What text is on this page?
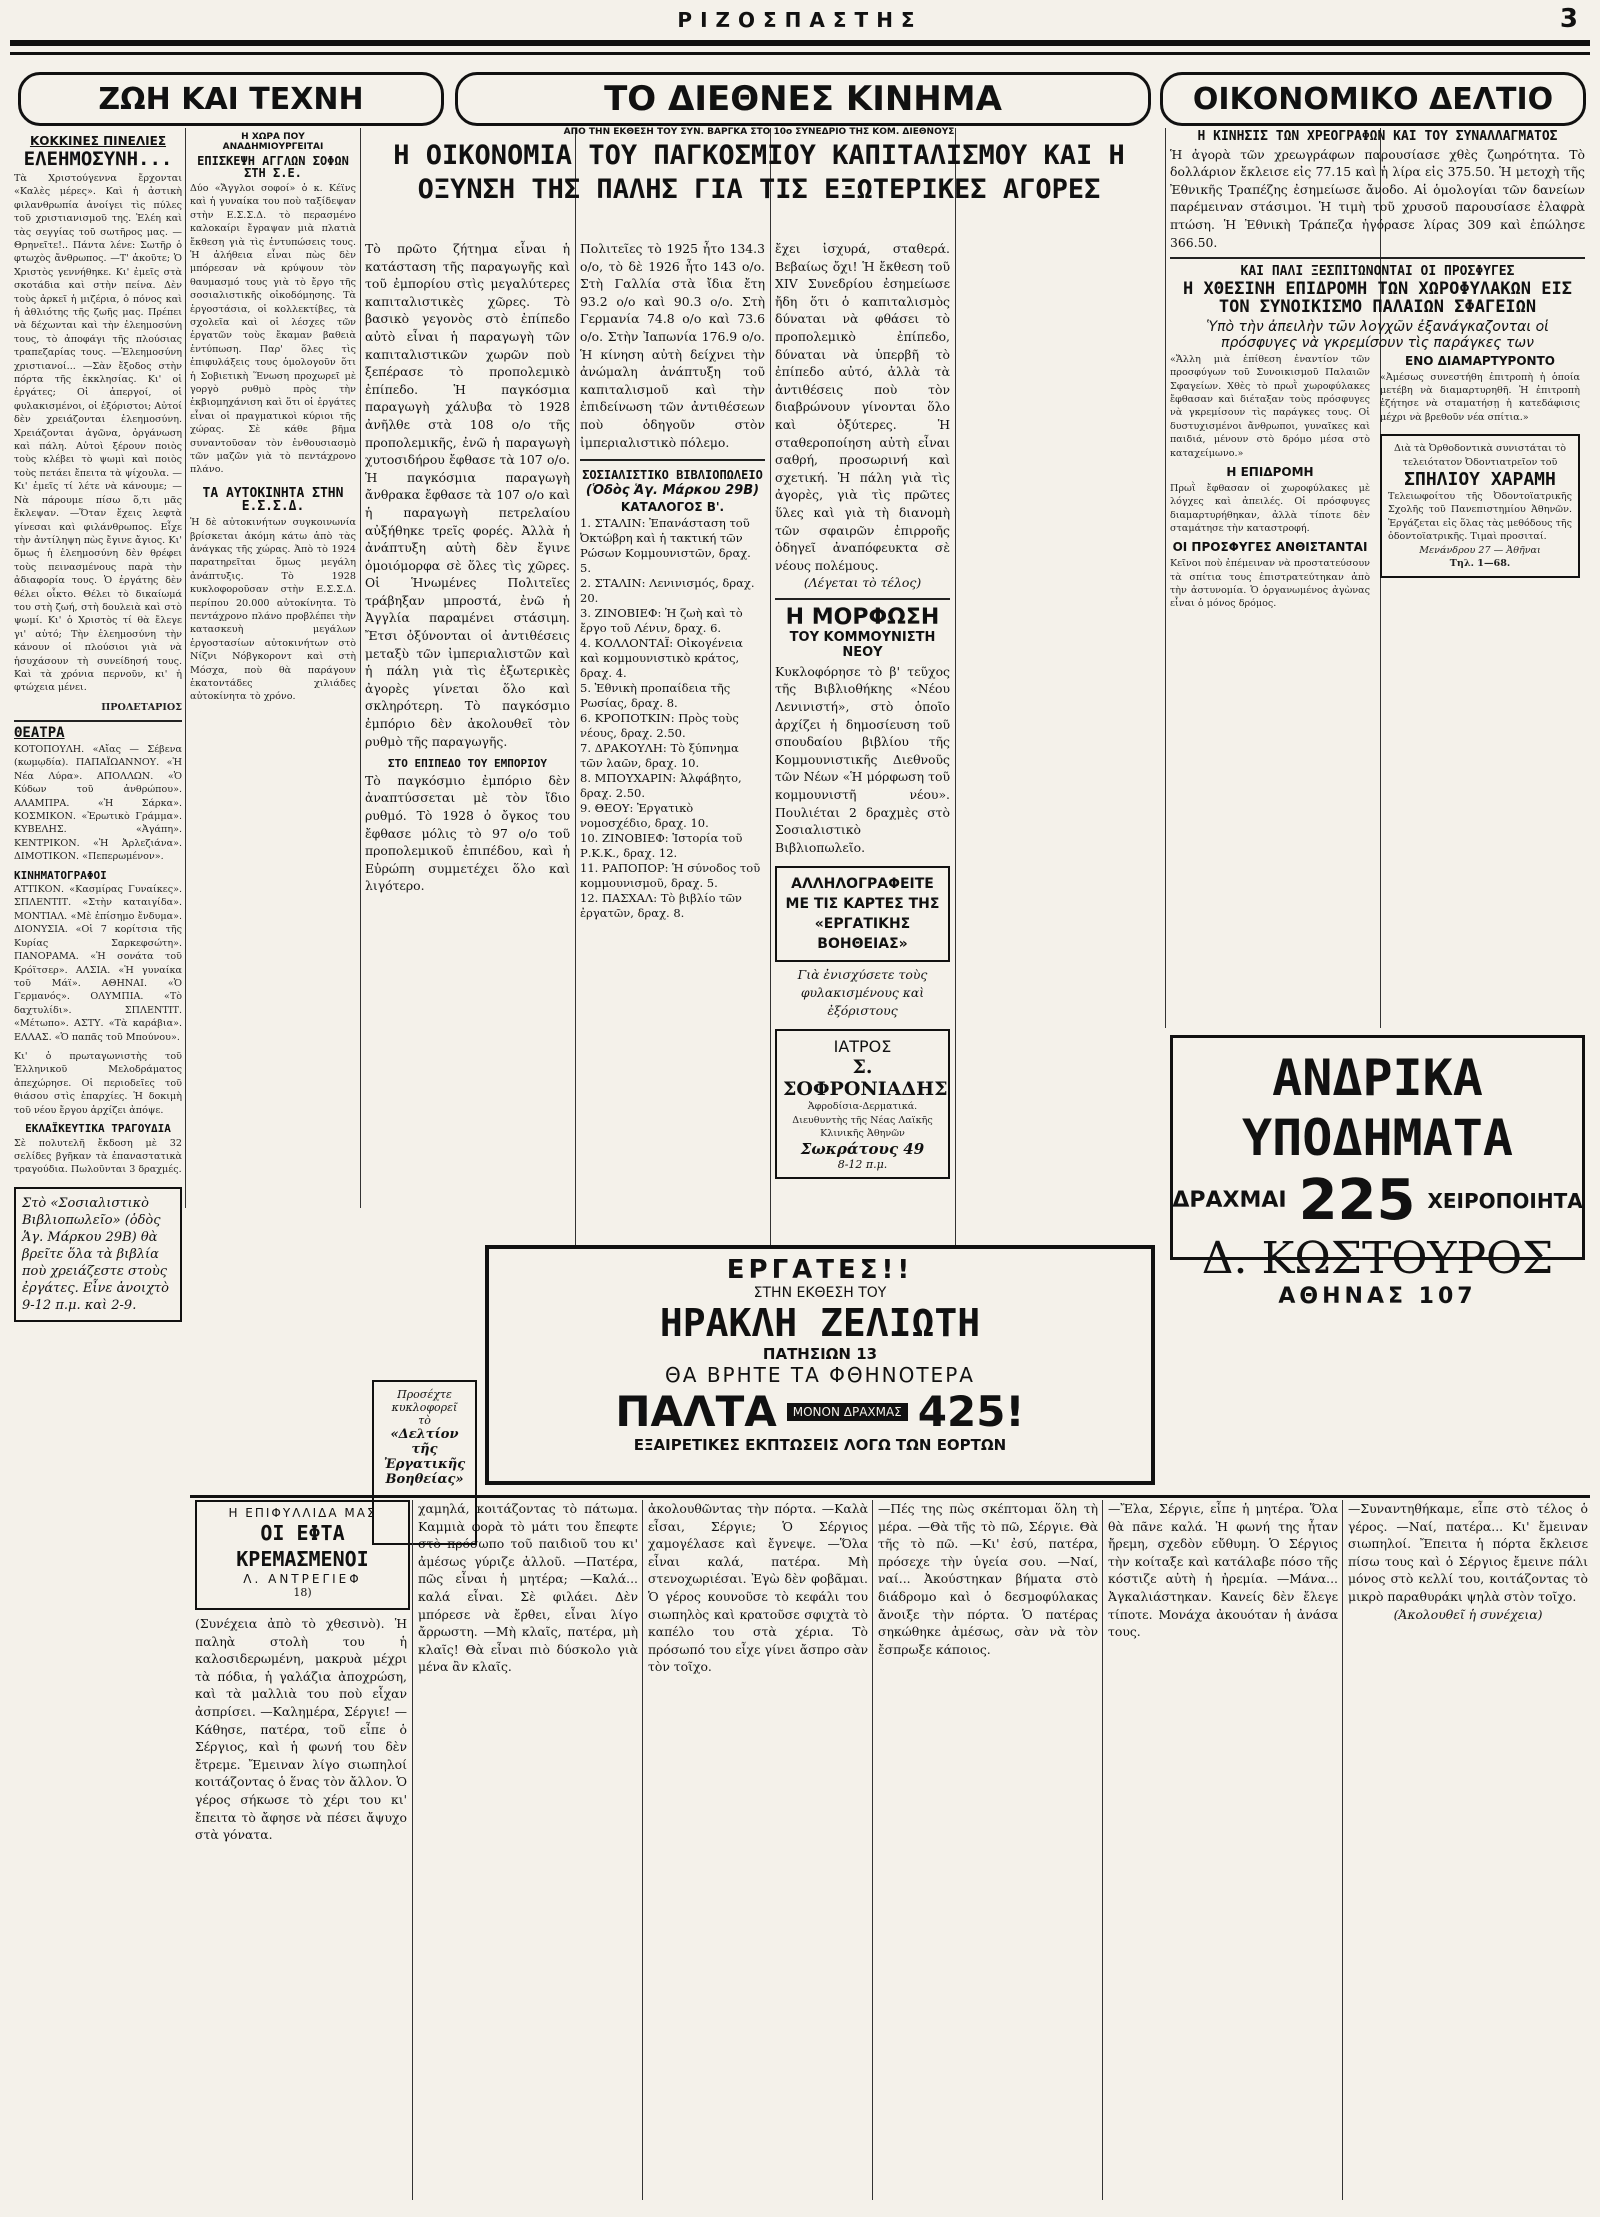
ΡΙΖΟΣΠΑΣΤΗΣ	3
ΖΩΗ ΚΑΙ ΤΕΧΝΗ	ΤΟ ΔΙΕΘΝΕΣ ΚΙΝΗΜΑ	ΟΙΚΟΝΟΜΙΚΟ ΔΕΛΤΙΟ
ΚΟΚΚΙΝΕΣ ΠΙΝΕΛΙΕΣ
ΕΛΕΗΜΟΣΥΝΗ...

Τὰ Χριστούγεννα ἔρχονται «Καλὲς μέρες». Καὶ ἡ ἀστικὴ φιλανθρωπία ἀνοίγει τὶς πύλες τοῦ χριστιανισμοῦ της. Ἐλέη καὶ τὰς σεγγίας τοῦ σωτῆρος μας. —Θρηνεῖτε!.. Πάντα λένε: Σωτῆρ ὁ φτωχὸς ἄνθρωπος. —Τ' ἀκοῦτε; Ὁ Χριστὸς γεννήθηκε. Κι' ἐμεῖς στὰ σκοτάδια καὶ στὴν πείνα. Δὲν τοὺς ἀρκεῖ ἡ μιζέρια, ὁ πόνος καὶ ἡ ἀθλιότης τῆς ζωῆς μας. Πρέπει νὰ δέχωνται καὶ τὴν ἐλεημοσύνη τους, τὸ ἀποφάγι τῆς πλούσιας τραπεζαρίας τους. —Ἐλεημοσύνη χριστιανοί... —Σὰν ἔξοδος στὴν πόρτα τῆς ἐκκλησίας. Κι' οἱ ἐργάτες; Οἱ ἀπεργοί, οἱ φυλακισμένοι, οἱ ἐξόριστοι; Αὐτοί δὲν χρειάζονται ἐλεημοσύνη. Χρειάζονται ἀγῶνα, ὀργάνωση καὶ πάλη. Αὐτοὶ ξέρουν ποιὸς τοὺς κλέβει τὸ ψωμὶ καὶ ποιὸς τοὺς πετάει ἔπειτα τὰ ψίχουλα. —Κι' ἐμεῖς τί λέτε νὰ κάνουμε; —Νὰ πάρουμε πίσω ὅ,τι μᾶς ἔκλεψαν. —Ὅταν ἔχεις λεφτὰ γίνεσαι καὶ φιλάνθρωπος. Εἶχε τὴν ἀντίληψη πὼς ἔγινε ἄγιος. Κι' ὅμως ἡ ἐλεημοσύνη δὲν θρέφει τοὺς πεινασμένους παρὰ τὴν ἀδιαφορία τους. Ὁ ἐργάτης δὲν θέλει οἶκτο. Θέλει τὸ δικαίωμά του στὴ ζωή, στὴ δουλειὰ καὶ στὸ ψωμί. Κι' ὁ Χριστὸς τί θὰ ἔλεγε γι' αὐτό; Τὴν ἐλεημοσύνη τὴν κάνουν οἱ πλούσιοι γιὰ νὰ ἡσυχάσουν τὴ συνείδησή τους. Καὶ τὰ χρόνια περνοῦν, κι' ἡ φτώχεια μένει.

ΠΡΟΛΕΤΑΡΙΟΣ

ΘΕΑΤΡΑ

ΚΟΤΟΠΟΥΛΗ. «Αἴας — Σέβενα (κωμῳδία). ΠΑΠΑΪΩΑΝΝΟΥ. «Ἡ Νέα Λύρα». ΑΠΟΛΛΩΝ. «Ὁ Κύδων τοῦ ἀνθρώπου». ΑΛΑΜΠΡΑ. «Ἡ Σάρκα». ΚΟΣΜΙΚΟΝ. «Ἐρωτικὸ Γράμμα». ΚΥΒΕΛΗΣ. «Ἀγάπη». ΚΕΝΤΡΙΚΟΝ. «Ἡ Ἀρλεζιάνα». ΔΙΜΟΤΙΚΟΝ. «Πεπερωμένον».

ΚΙΝΗΜΑΤΟΓΡΑΦΟΙ

ΑΤΤΙΚΟΝ. «Κασμίρας Γυναίκες». ΣΠΛΕΝΤΙΤ. «Στὴν καταιγίδα». ΜΟΝΤΙΑΛ. «Μὲ ἐπίσημο ἔνδυμα». ΔΙΟΝΥΣΙΑ. «Οἱ 7 κορίτσια τῆς Κυρίας Σαρκεφσώτη». ΠΑΝΟΡΑΜΑ. «Ἡ σονάτα τοῦ Κρόϊτσερ». ΑΛΣΙΑ. «Ἡ γυναίκα τοῦ Μάϊ». ΑΘΗΝΑΙ. «Ὁ Γερμανός». ΟΛΥΜΠΙΑ. «Τὸ δαχτυλίδι». ΣΠΛΕΝΤΙΤ. «Μέτωπο». ΑΣΤΥ. «Τὰ καράβια». ΕΛΛΑΣ. «Ὁ παπᾶς τοῦ Μπούνου».

Κι' ὁ πρωταγωνιστὴς τοῦ Ἑλληνικοῦ Μελοδράματος ἀπεχώρησε. Οἱ περιοδεῖες τοῦ θιάσου στὶς ἐπαρχίες. Ἡ δοκιμὴ τοῦ νέου ἔργου ἀρχίζει ἀπόψε.

ΕΚΛΑΪΚΕΥΤΙΚΑ ΤΡΑΓΟΥΔΙΑ

Σὲ πολυτελῆ ἔκδοση μὲ 32 σελίδες βγῆκαν τὰ ἐπαναστατικὰ τραγούδια. Πωλοῦνται 3 δραχμές.

Στὸ «Σοσιαλιστικὸ Βιβλιοπωλεῖο» (ὁδὸς Ἁγ. Μάρκου 29Β) θὰ βρεῖτε ὅλα τὰ βιβλία ποὺ χρειάζεστε στοὺς ἐργάτες. Εἶνε ἀνοιχτὸ 9-12 π.μ. καὶ 2-9.
Η ΧΩΡΑ ΠΟΥ ΑΝΑΔΗΜΙΟΥΡΓΕΙΤΑΙ
ΕΠΙΣΚΕΨΗ ΑΓΓΛΩΝ ΣΟΦΩΝ ΣΤΗ Σ.Ε.

Δύο «Ἄγγλοι σοφοί» ὁ κ. Κέϊνς καὶ ἡ γυναίκα του ποὺ ταξίδεψαν στὴν Ε.Σ.Σ.Δ. τὸ περασμένο καλοκαίρι ἔγραψαν μιὰ πλατιὰ ἔκθεση γιὰ τὶς ἐντυπώσεις τους. Ἡ ἀλήθεια εἶναι πὼς δὲν μπόρεσαν νὰ κρύψουν τὸν θαυμασμό τους γιὰ τὸ ἔργο τῆς σοσιαλιστικῆς οἰκοδόμησης. Τὰ ἐργοστάσια, οἱ κολλεκτίβες, τὰ σχολεῖα καὶ οἱ λέσχες τῶν ἐργατῶν τοὺς ἔκαμαν βαθειὰ ἐντύπωση. Παρ' ὅλες τὶς ἐπιφυλάξεις τους ὁμολογοῦν ὅτι ἡ Σοβιετικὴ Ἕνωση προχωρεῖ μὲ γοργὸ ρυθμὸ πρὸς τὴν ἐκβιομηχάνιση καὶ ὅτι οἱ ἐργάτες εἶναι οἱ πραγματικοὶ κύριοι τῆς χώρας. Σὲ κάθε βῆμα συναντοῦσαν τὸν ἐνθουσιασμὸ τῶν μαζῶν γιὰ τὸ πεντάχρονο πλάνο.

ΤΑ ΑΥΤΟΚΙΝΗΤΑ ΣΤΗΝ Ε.Σ.Σ.Δ.

Ἡ δὲ αὐτοκινήτων συγκοινωνία βρίσκεται ἀκόμη κάτω ἀπὸ τὰς ἀνάγκας τῆς χώρας. Ἀπὸ τὸ 1924 παρατηρεῖται ὅμως μεγάλη ἀνάπτυξις. Τὸ 1928 κυκλοφοροῦσαν στὴν Ε.Σ.Σ.Δ. περίπου 20.000 αὐτοκίνητα. Τὸ πεντάχρονο πλάνο προβλέπει τὴν κατασκευὴ μεγάλων ἐργοστασίων αὐτοκινήτων στὸ Νίζνι Νόβγκοροντ καὶ στὴ Μόσχα, ποὺ θὰ παράγουν ἑκατοντάδες χιλιάδες αὐτοκίνητα τὸ χρόνο.

ΑΠΟ ΤΗΝ ΕΚΘΕΣΗ ΤΟΥ ΣΥΝ. ΒΑΡΓΚΑ ΣΤΟ 10ο ΣΥΝΕΔΡΙΟ ΤΗΣ ΚΟΜ. ΔΙΕΘΝΟΥΣ
Η ΟΙΚΟΝΟΜΙΑ ΤΟΥ ΠΑΓΚΟΣΜΙΟΥ ΚΑΠΙΤΑΛΙΣΜΟΥ ΚΑΙ Η ΟΞΥΝΣΗ ΤΗΣ ΠΑΛΗΣ ΓΙΑ ΤΙΣ ΕΞΩΤΕΡΙΚΕΣ ΑΓΟΡΕΣ

Τὸ πρῶτο ζήτημα εἶναι ἡ κατάσταση τῆς παραγωγῆς καὶ τοῦ ἐμπορίου στὶς μεγαλύτερες καπιταλιστικὲς χῶρες. Τὸ βασικὸ γεγονὸς στὸ ἐπίπεδο αὐτὸ εἶναι ἡ παραγωγὴ τῶν καπιταλιστικῶν χωρῶν ποὺ ξεπέρασε τὸ προπολεμικὸ ἐπίπεδο. Ἡ παγκόσμια παραγωγὴ χάλυβα τὸ 1928 ἀνῆλθε στὰ 108 ο/ο τῆς προπολεμικῆς, ἐνῶ ἡ παραγωγὴ χυτοσιδήρου ἔφθασε τὰ 107 ο/ο. Ἡ παγκόσμια παραγωγὴ ἄνθρακα ἔφθασε τὰ 107 ο/ο καὶ ἡ παραγωγὴ πετρελαίου αὐξήθηκε τρεῖς φορές. Ἀλλὰ ἡ ἀνάπτυξη αὐτὴ δὲν ἔγινε ὁμοιόμορφα σὲ ὅλες τὶς χῶρες. Οἱ Ἡνωμένες Πολιτεῖες τράβηξαν μπροστά, ἐνῶ ἡ Ἀγγλία παραμένει στάσιμη. Ἔτσι ὀξύνονται οἱ ἀντιθέσεις μεταξὺ τῶν ἰμπεριαλιστῶν καὶ ἡ πάλη γιὰ τὶς ἐξωτερικὲς ἀγορὲς γίνεται ὅλο καὶ σκληρότερη. Τὸ παγκόσμιο ἐμπόριο δὲν ἀκολουθεῖ τὸν ρυθμὸ τῆς παραγωγῆς.

ΣΤΟ ΕΠΙΠΕΔΟ ΤΟΥ ΕΜΠΟΡΙΟΥ

Τὸ παγκόσμιο ἐμπόριο δὲν ἀναπτύσσεται μὲ τὸν ἴδιο ρυθμό. Τὸ 1928 ὁ ὄγκος του ἔφθασε μόλις τὸ 97 ο/ο τοῦ προπολεμικοῦ ἐπιπέδου, καὶ ἡ Εὐρώπη συμμετέχει ὅλο καὶ λιγότερο.

Πολιτεῖες τὸ 1925 ἦτο 134.3 ο/ο, τὸ δὲ 1926 ἦτο 143 ο/ο. Στὴ Γαλλία στὰ ἴδια ἔτη 93.2 ο/ο καὶ 90.3 ο/ο. Στὴ Γερμανία 74.8 ο/ο καὶ 73.6 ο/ο. Στὴν Ἰαπωνία 176.9 ο/ο. Ἡ κίνηση αὐτὴ δείχνει τὴν ἀνώμαλη ἀνάπτυξη τοῦ καπιταλισμοῦ καὶ τὴν ἐπιδείνωση τῶν ἀντιθέσεων ποὺ ὁδηγοῦν στὸν ἰμπεριαλιστικὸ πόλεμο.

ΣΟΣΙΑΛΙΣΤΙΚΟ ΒΙΒΛΙΟΠΩΛΕΙΟ
(Ὁδὸς Ἁγ. Μάρκου 29Β)
ΚΑΤΑΛΟΓΟΣ Β'.
1. ΣΤΑΛΙΝ: Ἐπανάσταση τοῦ Ὀκτώβρη καὶ ἡ τακτική τῶν Ρώσων Κομμουνιστῶν, δραχ. 5.
2. ΣΤΑΛΙΝ: Λενινισμός, δραχ. 20.
3. ΖΙΝΟΒΙΕΦ: Ἡ ζωὴ καὶ τὸ ἔργο τοῦ Λένιν, δραχ. 6.
4. ΚΟΛΛΟΝΤΑΪ: Οἰκογένεια καὶ κομμουνιστικὸ κράτος, δραχ. 4.
5. Ἐθνικὴ προπαίδεια τῆς Ρωσίας, δραχ. 8.
6. ΚΡΟΠΟΤΚΙΝ: Πρὸς τοὺς νέους, δραχ. 2.50.
7. ΔΡΑΚΟΥΛΗ: Τὸ ξύπνημα τῶν λαῶν, δραχ. 10.
8. ΜΠΟΥΧΑΡΙΝ: Ἀλφάβητο, δραχ. 2.50.
9. ΘΕΟΥ: Ἐργατικὸ νομοσχέδιο, δραχ. 10.
10. ΖΙΝΟΒΙΕΦ: Ἱστορία τοῦ Ρ.Κ.Κ., δραχ. 12.
11. ΡΑΠΟΠΟΡ: Ἡ σύνοδος τοῦ κομμουνισμοῦ, δραχ. 5.
12. ΠΑΣΧΑΛ: Τὸ βιβλίο τῶν ἐργατῶν, δραχ. 8.

ἔχει ἰσχυρά, σταθερά. Βεβαίως ὄχι! Ἡ ἔκθεση τοῦ XIV Συνεδρίου ἐσημείωσε ἤδη ὅτι ὁ καπιταλισμὸς δύναται νὰ φθάσει τὸ προπολεμικὸ ἐπίπεδο, δύναται νὰ ὑπερβῆ τὸ ἐπίπεδο αὐτό, ἀλλὰ τὰ ἀντιθέσεις ποὺ τὸν διαβρώνουν γίνονται ὅλο καὶ ὀξύτερες. Ἡ σταθεροποίηση αὐτὴ εἶναι σαθρή, προσωρινή καὶ σχετική. Ἡ πάλη γιὰ τὶς ἀγορὲς, γιὰ τὶς πρῶτες ὕλες καὶ γιὰ τὴ διανομὴ τῶν σφαιρῶν ἐπιρροῆς ὁδηγεῖ ἀναπόφευκτα σὲ νέους πολέμους.

(Λέγεται τὸ τέλος)

Η ΜΟΡΦΩΣΗ
ΤΟΥ ΚΟΜΜΟΥΝΙΣΤΗ ΝΕΟΥ

Κυκλοφόρησε τὸ β' τεῦχος τῆς Βιβλιοθήκης «Νέου Λενινιστή», στὸ ὁποῖο ἀρχίζει ἡ δημοσίευση τοῦ σπουδαίου βιβλίου τῆς Κομμουνιστικῆς Διεθνοῦς τῶν Νέων «Ἡ μόρφωση τοῦ κομμουνιστῆ νέου». Πουλιέται 2 δραχμὲς στὸ Σοσιαλιστικὸ Βιβλιοπωλεῖο.

ΑΛΛΗΛΟΓΡΑΦΕΙΤΕ ΜΕ ΤΙΣ ΚΑΡΤΕΣ ΤΗΣ «ΕΡΓΑΤΙΚΗΣ ΒΟΗΘΕΙΑΣ»

Γιὰ ἐνισχύσετε τοὺς φυλακισμένους καὶ ἐξόριστους

ΙΑΤΡΟΣ
Σ. ΣΟΦΡΟΝΙΑΔΗΣ
Ἀφροδίσια-Δερματικά. Διευθυντὴς τῆς Νέας Λαϊκῆς Κλινικῆς Ἀθηνῶν
Σωκράτους 49
8-12 π.μ.
Η ΚΙΝΗΣΙΣ ΤΩΝ ΧΡΕΟΓΡΑΦΩΝ ΚΑΙ ΤΟΥ ΣΥΝΑΛΛΑΓΜΑΤΟΣ

Ἡ ἀγορὰ τῶν χρεωγράφων παρουσίασε χθὲς ζωηρότητα. Τὸ δολλάριον ἔκλεισε εἰς 77.15 καὶ ἡ λίρα εἰς 375.50. Ἡ μετοχὴ τῆς Ἐθνικῆς Τραπέζης ἐσημείωσε ἄνοδο. Αἱ ὁμολογίαι τῶν δανείων παρέμειναν στάσιμοι. Ἡ τιμὴ τοῦ χρυσοῦ παρουσίασε ἐλαφρὰ πτώση. Ἡ Ἐθνικὴ Τράπεζα ἠγόρασε λίρας 309 καὶ ἐπώλησε 366.50.

ΚΑΙ ΠΑΛΙ ΞΕΣΠΙΤΩΝΟΝΤΑΙ ΟΙ ΠΡΟΣΦΥΓΕΣ
Η ΧΘΕΣΙΝΗ ΕΠΙΔΡΟΜΗ ΤΩΝ ΧΩΡΟΦΥΛΑΚΩΝ ΕΙΣ ΤΟΝ ΣΥΝΟΙΚΙΣΜΟ ΠΑΛΑΙΩΝ ΣΦΑΓΕΙΩΝ
Ὑπὸ τὴν ἀπειλὴν τῶν λογχῶν ἐξανάγκαζονται οἱ πρόσφυγες νὰ γκρεμίσουν τὶς παράγκες των

«Ἄλλη μιὰ ἐπίθεση ἐναντίον τῶν προσφύγων τοῦ Συνοικισμοῦ Παλαιῶν Σφαγείων. Χθὲς τὸ πρωῒ χωροφύλακες ἔφθασαν καὶ διέταξαν τοὺς πρόσφυγες νὰ γκρεμίσουν τὶς παράγκες τους. Οἱ δυστυχισμένοι ἄνθρωποι, γυναῖκες καὶ παιδιά, μένουν στὸ δρόμο μέσα στὸ καταχείμωνο.»

Η ΕΠΙΔΡΟΜΗ

Πρωῒ ἔφθασαν οἱ χωροφύλακες μὲ λόγχες καὶ ἀπειλές. Οἱ πρόσφυγες διαμαρτυρήθηκαν, ἀλλὰ τίποτε δὲν σταμάτησε τὴν καταστροφή.

ΟΙ ΠΡΟΣΦΥΓΕΣ ΑΝΘΙΣΤΑΝΤΑΙ

Κεῖνοι ποὺ ἐπέμειναν νὰ προστατεύσουν τὰ σπίτια τους ἐπιστρατεύτηκαν ἀπὸ τὴν ἀστυνομία. Ὁ ὀργανωμένος ἀγὼνας εἶναι ὁ μόνος δρόμος.

ΕΝΟ ΔΙΑΜΑΡΤΥΡΟΝΤΟ

«Ἀμέσως συνεστήθη ἐπιτροπὴ ἡ ὁποία μετέβη νὰ διαμαρτυρηθῆ. Ἡ ἐπιτροπὴ ἐζήτησε νὰ σταματήσῃ ἡ κατεδάφισις μέχρι νὰ βρεθοῦν νέα σπίτια.»

Διὰ τὰ Ὀρθοδοντικὰ συνιστάται τὸ τελειότατον Ὀδοντιατρεῖον τοῦ
ΣΠΗΛΙΟΥ ΧΑΡΑΜΗ
Τελειωφοίτου τῆς Ὀδοντοϊατρικῆς Σχολῆς τοῦ Πανεπιστημίου Ἀθηνῶν. Ἐργάζεται εἰς ὅλας τὰς μεθόδους τῆς ὀδοντοϊατρικῆς. Τιμαὶ προσιταί.
Μενάνδρου 27 — Ἀθῆναι
Τηλ. 1—68.
ΑΝΔΡΙΚΑ ΥΠΟΔΗΜΑΤΑ
ΔΡΑΧΜΑΙ 225 ΧΕΙΡΟΠΟΙΗΤΑ
Δ. ΚΩΣΤΟΥΡΟΣ
ΑΘΗΝΑΣ 107
ΕΡΓΑΤΕΣ!!
ΣΤΗΝ ΕΚΘΕΣΗ ΤΟΥ
ΗΡΑΚΛΗ ΖΕΛΙΩΤΗ
ΠΑΤΗΣΙΩΝ 13
ΘΑ ΒΡΗΤΕ ΤΑ ΦΘΗΝΟΤΕΡΑ
ΠΑΛΤΑ	ΜΟΝΟΝ ΔΡΑΧΜΑΣ 425!
ΕΞΑΙΡΕΤΙΚΕΣ ΕΚΠΤΩΣΕΙΣ ΛΟΓΩ ΤΩΝ ΕΟΡΤΩΝ
Προσέχτε κυκλοφορεῖ
τὸ
«Δελτίον τῆς Ἐργατικῆς Βοηθείας»
Η ΕΠΙΦΥΛΛΙΔΑ ΜΑΣ
ΟΙ ΕΦΤΑ ΚΡΕΜΑΣΜΕΝΟΙ
Λ. ΑΝΤΡΕΓΙΕΦ
18)

(Συνέχεια ἀπὸ τὸ χθεσινὸ). Ἡ παληὰ στολὴ του ἡ καλοσιδερωμένη, μακρυὰ μέχρι τὰ πόδια, ἡ γαλάζια ἀποχρώση, καὶ τὰ μαλλιὰ του ποὺ εἶχαν ἀσπρίσει. —Καλημέρα, Σέργιε! —Κάθησε, πατέρα, τοῦ εἶπε ὁ Σέργιος, καὶ ἡ φωνή του δὲν ἔτρεμε. Ἔμειναν λίγο σιωπηλοί κοιτάζοντας ὁ ἕνας τὸν ἄλλον. Ὁ γέρος σήκωσε τὸ χέρι του κι' ἔπειτα τὸ ἄφησε νὰ πέσει ἄψυχο στὰ γόνατα.

χαμηλά, κοιτάζοντας τὸ πάτωμα. Καμμιὰ φορὰ τὸ μάτι του ἔπεφτε στὸ πρόσωπο τοῦ παιδιοῦ του κι' ἀμέσως γύριζε ἀλλοῦ. —Πατέρα, πῶς εἶναι ἡ μητέρα; —Καλά... καλά εἶναι. Σὲ φιλάει. Δὲν μπόρεσε νὰ ἔρθει, εἶναι λίγο ἄρρωστη. —Μὴ κλαῖς, πατέρα, μὴ κλαῖς! Θὰ εἶναι πιὸ δύσκολο γιὰ μένα ἂν κλαῖς.

ἀκολουθῶντας τὴν πόρτα. —Καλὰ εἶσαι, Σέργιε; Ὁ Σέργιος χαμογέλασε καὶ ἔγνεψε. —Ὅλα εἶναι καλά, πατέρα. Μὴ στενοχωριέσαι. Ἐγὼ δὲν φοβᾶμαι. Ὁ γέρος κουνοῦσε τὸ κεφάλι του σιωπηλὸς καὶ κρατοῦσε σφιχτὰ τὸ καπέλο του στὰ χέρια. Τὸ πρόσωπό του εἶχε γίνει ἄσπρο σὰν τὸν τοῖχο.

—Πές της πὼς σκέπτομαι ὅλη τὴ μέρα. —Θὰ τῆς τὸ πῶ, Σέργιε. Θὰ τῆς τὸ πῶ. —Κι' ἐσύ, πατέρα, πρόσεχε τὴν ὑγεία σου. —Ναί, ναί... Ἀκούστηκαν βήματα στὸ διάδρομο καὶ ὁ δεσμοφύλακας ἄνοιξε τὴν πόρτα. Ὁ πατέρας σηκώθηκε ἀμέσως, σὰν νὰ τὸν ἔσπρωξε κάποιος.

—Ἔλα, Σέργιε, εἶπε ἡ μητέρα. Ὅλα θὰ πᾶνε καλά. Ἡ φωνή της ἦταν ἤρεμη, σχεδὸν εὔθυμη. Ὁ Σέργιος τὴν κοίταξε καὶ κατάλαβε πόσο τῆς κόστιζε αὐτὴ ἡ ἠρεμία. —Μάνα... Ἀγκαλιάστηκαν. Κανείς δὲν ἔλεγε τίποτε. Μονάχα ἀκουόταν ἡ ἀνάσα τους.

—Συναντηθήκαμε, εἶπε στὸ τέλος ὁ γέρος. —Ναί, πατέρα... Κι' ἔμειναν σιωπηλοί. Ἔπειτα ἡ πόρτα ἔκλεισε πίσω τους καὶ ὁ Σέργιος ἔμεινε πάλι μόνος στὸ κελλί του, κοιτάζοντας τὸ μικρὸ παραθυράκι ψηλὰ στὸν τοῖχο.

(Ἀκολουθεῖ ἡ συνέχεια)
